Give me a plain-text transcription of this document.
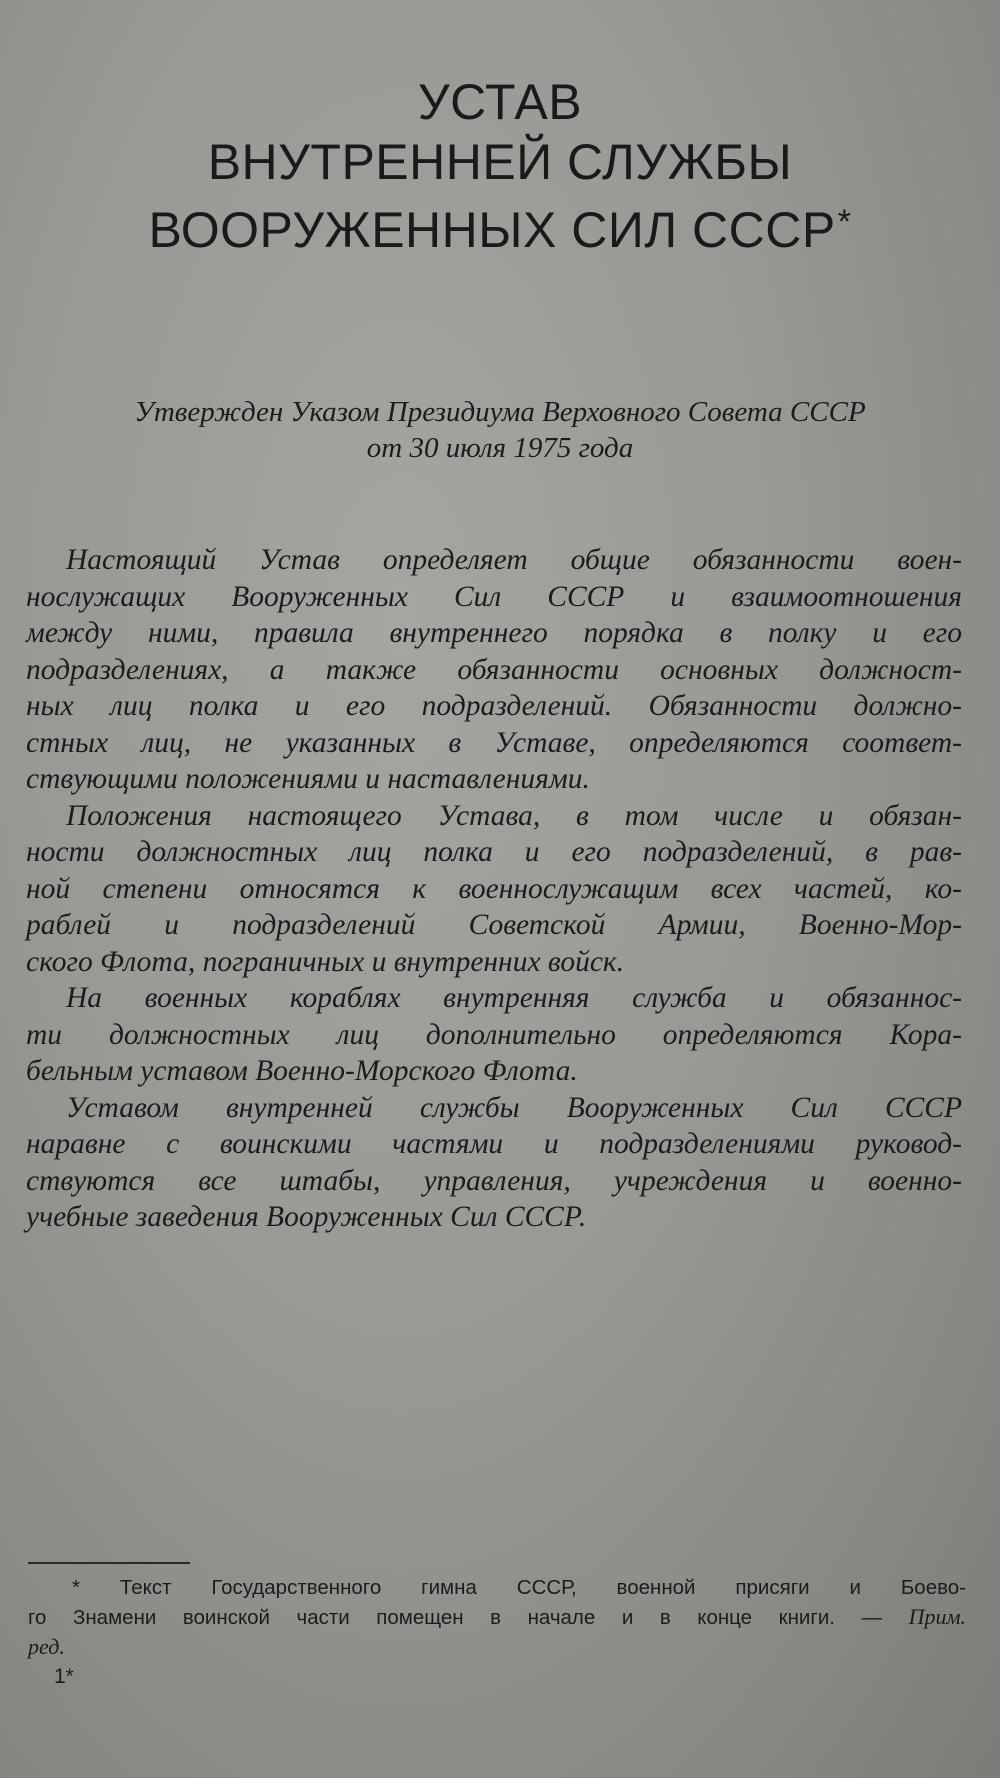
УСТАВ
ВНУТРЕННЕЙ СЛУЖБЫ
ВООРУЖЕННЫХ СИЛ СССР*
Утвержден Указом Президиума Верховного Совета СССР
от 30 июля 1975 года
Настоящий Устав определяет общие обязанности воен-
нослужащих Вооруженных Сил СССР и взаимоотношения
между ними, правила внутреннего порядка в полку и его
подразделениях, а также обязанности основных должност-
ных лиц полка и его подразделений. Обязанности должно-
стных лиц, не указанных в Уставе, определяются соответ-
ствующими положениями и наставлениями.
Положения настоящего Устава, в том числе и обязан-
ности должностных лиц полка и его подразделений, в рав-
ной степени относятся к военнослужащим всех частей, ко-
раблей и подразделений Советской Армии, Военно-Мор-
ского Флота, пограничных и внутренних войск.
На военных кораблях внутренняя служба и обязаннос-
ти должностных лиц дополнительно определяются Кора-
бельным уставом Военно-Морского Флота.
Уставом внутренней службы Вооруженных Сил СССР
наравне с воинскими частями и подразделениями руковод-
ствуются все штабы, управления, учреждения и военно-
учебные заведения Вооруженных Сил СССР.
* Текст Государственного гимна СССР, военной присяги и Боево-
го Знамени воинской части помещен в начале и в конце книги. — Прим.
ред.
1*
